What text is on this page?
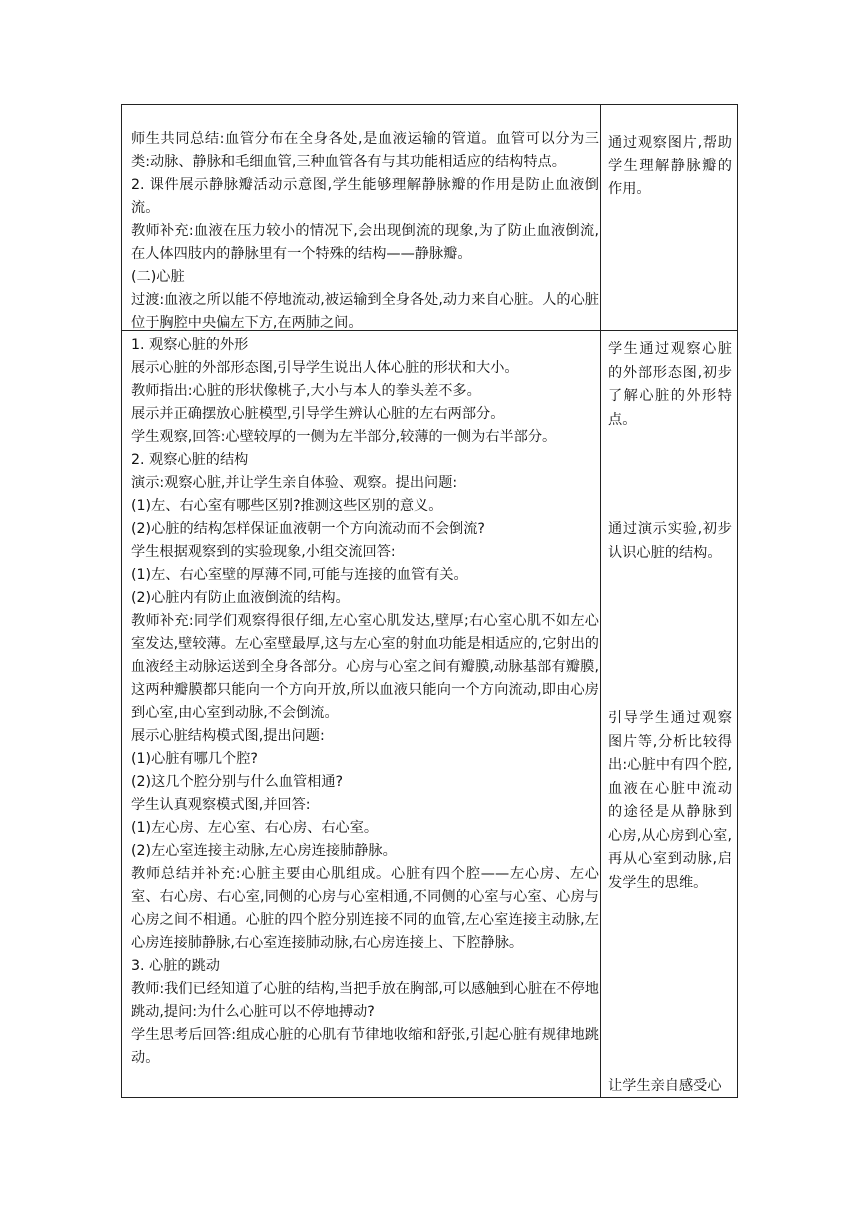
师生共同总结:血管分布在全身各处,是血液运输的管道。血管可以分为三类:动脉、静脉和毛细血管,三种血管各有与其功能相适应的结构特点。
2. 课件展示静脉瓣活动示意图,学生能够理解静脉瓣的作用是防止血液倒流。
教师补充:血液在压力较小的情况下,会出现倒流的现象,为了防止血液倒流,在人体四肢内的静脉里有一个特殊的结构——静脉瓣。
(二)心脏
过渡:血液之所以能不停地流动,被运输到全身各处,动力来自心脏。人的心脏位于胸腔中央偏左下方,在两肺之间。
通过观察图片,帮助学生理解静脉瓣的作用。
1. 观察心脏的外形
展示心脏的外部形态图,引导学生说出人体心脏的形状和大小。
教师指出:心脏的形状像桃子,大小与本人的拳头差不多。
展示并正确摆放心脏模型,引导学生辨认心脏的左右两部分。
学生观察,回答:心壁较厚的一侧为左半部分,较薄的一侧为右半部分。
2. 观察心脏的结构
演示:观察心脏,并让学生亲自体验、观察。提出问题:
(1)左、右心室有哪些区别?推测这些区别的意义。
(2)心脏的结构怎样保证血液朝一个方向流动而不会倒流?
学生根据观察到的实验现象,小组交流回答:
(1)左、右心室壁的厚薄不同,可能与连接的血管有关。
(2)心脏内有防止血液倒流的结构。
教师补充:同学们观察得很仔细,左心室心肌发达,壁厚;右心室心肌不如左心室发达,壁较薄。左心室壁最厚,这与左心室的射血功能是相适应的,它射出的血液经主动脉运送到全身各部分。心房与心室之间有瓣膜,动脉基部有瓣膜,这两种瓣膜都只能向一个方向开放,所以血液只能向一个方向流动,即由心房到心室,由心室到动脉,不会倒流。
展示心脏结构模式图,提出问题:
(1)心脏有哪几个腔?
(2)这几个腔分别与什么血管相通?
学生认真观察模式图,并回答:
(1)左心房、左心室、右心房、右心室。
(2)左心室连接主动脉,左心房连接肺静脉。
教师总结并补充:心脏主要由心肌组成。心脏有四个腔——左心房、左心室、右心房、右心室,同侧的心房与心室相通,不同侧的心室与心室、心房与心房之间不相通。心脏的四个腔分别连接不同的血管,左心室连接主动脉,左心房连接肺静脉,右心室连接肺动脉,右心房连接上、下腔静脉。
3. 心脏的跳动
教师:我们已经知道了心脏的结构,当把手放在胸部,可以感触到心脏在不停地跳动,提问:为什么心脏可以不停地搏动?
学生思考后回答:组成心脏的心肌有节律地收缩和舒张,引起心脏有规律地跳动。
学生通过观察心脏的外部形态图,初步了解心脏的外形特点。
通过演示实验,初步认识心脏的结构。
引导学生通过观察图片等,分析比较得出:心脏中有四个腔,血液在心脏中流动的途径是从静脉到心房,从心房到心室,再从心室到动脉,启发学生的思维。
让学生亲自感受心
